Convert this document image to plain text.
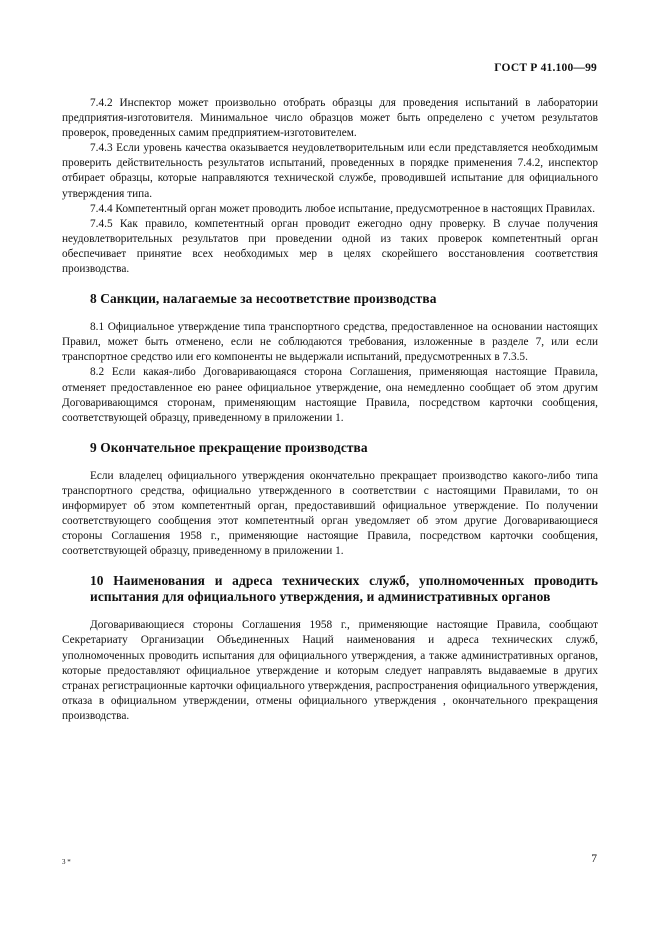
ГОСТ Р 41.100—99

7.4.2 Инспектор может произвольно отобрать образцы для проведения испытаний в лаборатории предприятия-изготовителя. Минимальное число образцов может быть определено с учетом результатов проверок, проведенных самим предприятием-изготовителем.

7.4.3 Если уровень качества оказывается неудовлетворительным или если представляется необходимым проверить действительность результатов испытаний, проведенных в порядке применения 7.4.2, инспектор отбирает образцы, которые направляются технической службе, проводившей испытание для официального утверждения типа.

7.4.4 Компетентный орган может проводить любое испытание, предусмотренное в настоящих Правилах.

7.4.5 Как правило, компетентный орган проводит ежегодно одну проверку. В случае получения неудовлетворительных результатов при проведении одной из таких проверок компетентный орган обеспечивает принятие всех необходимых мер в целях скорейшего восстановления соответствия производства.

8 Санкции, налагаемые за несоответствие производства

8.1 Официальное утверждение типа транспортного средства, предоставленное на основании настоящих Правил, может быть отменено, если не соблюдаются требования, изложенные в разделе 7, или если транспортное средство или его компоненты не выдержали испытаний, предусмотренных в 7.3.5.

8.2 Если какая-либо Договаривающаяся сторона Соглашения, применяющая настоящие Правила, отменяет предоставленное ею ранее официальное утверждение, она немедленно сообщает об этом другим Договаривающимся сторонам, применяющим настоящие Правила, посредством карточки сообщения, соответствующей образцу, приведенному в приложении 1.

9 Окончательное прекращение производства

Если владелец официального утверждения окончательно прекращает производство какого-либо типа транспортного средства, официально утвержденного в соответствии с настоящими Правилами, то он информирует об этом компетентный орган, предоставивший официальное утверждение. По получении соответствующего сообщения этот компетентный орган уведомляет об этом другие Договаривающиеся стороны Соглашения 1958 г., применяющие настоящие Правила, посредством карточки сообщения, соответствующей образцу, приведенному в приложении 1.

10 Наименования и адреса технических служб, уполномоченных проводить испытания для официального утверждения, и административных органов

Договаривающиеся стороны Соглашения 1958 г., применяющие настоящие Правила, сообщают Секретариату Организации Объединенных Наций наименования и адреса технических служб, уполномоченных проводить испытания для официального утверждения, а также административных органов, которые предоставляют официальное утверждение и которым следует направлять выдаваемые в других странах регистрационные карточки официального утверждения, распространения официального утверждения, отказа в официальном утверждении, отмены официального утверждения , окончательного прекращения производства.

3 *	7
